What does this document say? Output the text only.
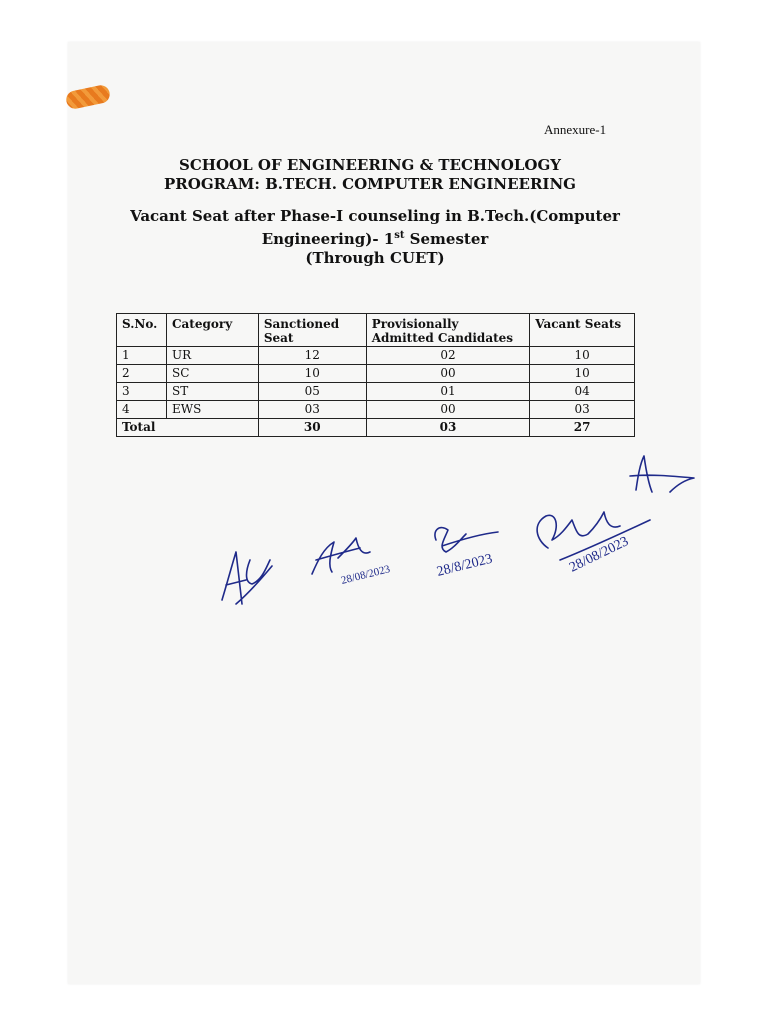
Annexure-1
SCHOOL OF ENGINEERING & TECHNOLOGY
PROGRAM: B.TECH. COMPUTER ENGINEERING
Vacant Seat after Phase-I counseling in B.Tech.(Computer
Engineering)- 1st Semester
(Through CUET)
S.No.	Category	Sanctioned Seat	Provisionally Admitted Candidates	Vacant Seats
1	UR	12	02	10
2	SC	10	00	10
3	ST	05	01	04
4	EWS	03	00	03
Total		30	03	27
28/08/2023	28/8/2023	28/08/2023
